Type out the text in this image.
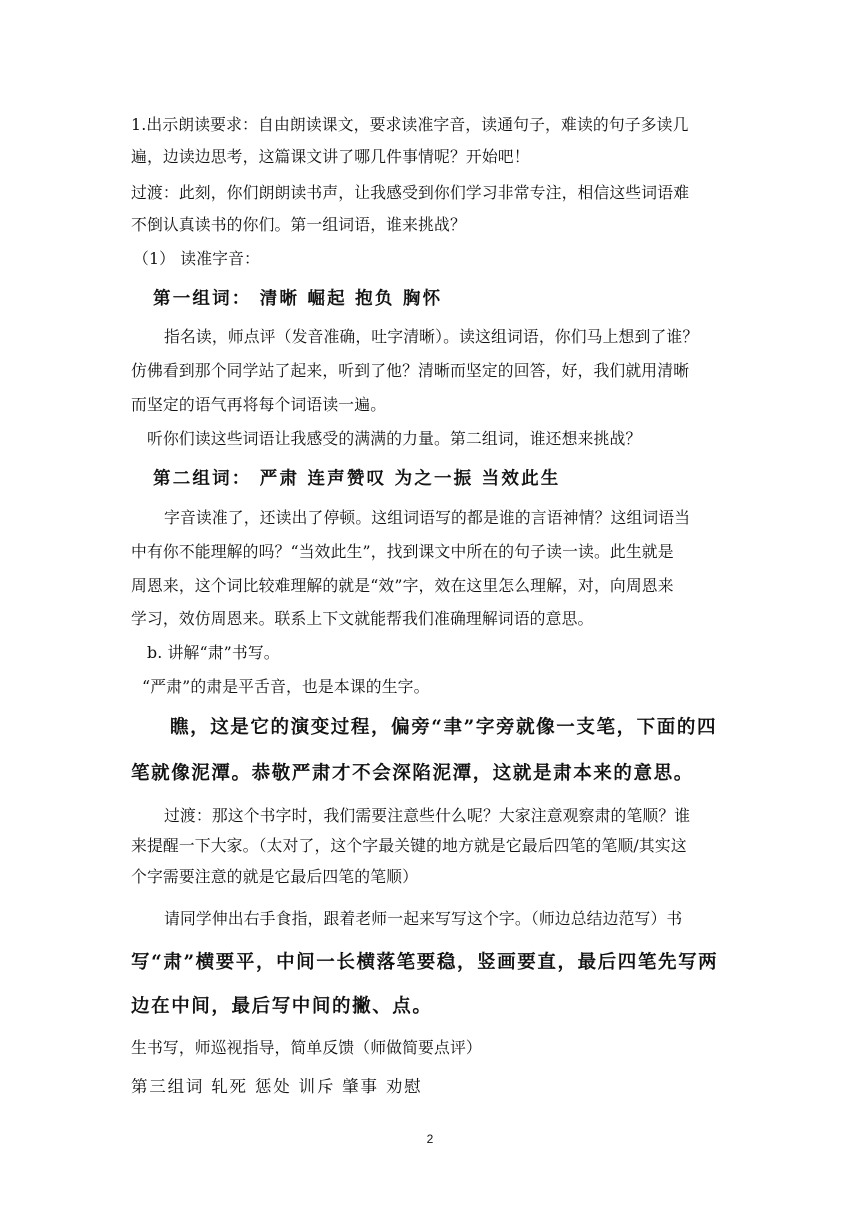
1.出示朗读要求：自由朗读课文，要求读准字音，读通句子，难读的句子多读几

遍，边读边思考，这篇课文讲了哪几件事情呢？开始吧！

过渡：此刻，你们朗朗读书声，让我感受到你们学习非常专注，相信这些词语难

不倒认真读书的你们。第一组词语，谁来挑战？

（1） 读准字音：

第一组词： 清晰 崛起 抱负 胸怀

指名读，师点评（发音准确，吐字清晰）。读这组词语，你们马上想到了谁？

仿佛看到那个同学站了起来，听到了他？清晰而坚定的回答，好，我们就用清晰

而坚定的语气再将每个词语读一遍。

听你们读这些词语让我感受的满满的力量。第二组词，谁还想来挑战？

第二组词： 严肃 连声赞叹 为之一振 当效此生

字音读准了，还读出了停顿。这组词语写的都是谁的言语神情？这组词语当

中有你不能理解的吗？“当效此生”，找到课文中所在的句子读一读。此生就是

周恩来，这个词比较难理解的就是“效”字，效在这里怎么理解，对，向周恩来

学习，效仿周恩来。联系上下文就能帮我们准确理解词语的意思。

b. 讲解“肃”书写。

“严肃”的肃是平舌音，也是本课的生字。

瞧，这是它的演变过程，偏旁“聿”字旁就像一支笔，下面的四

笔就像泥潭。恭敬严肃才不会深陷泥潭，这就是肃本来的意思。

过渡：那这个书字时，我们需要注意些什么呢？大家注意观察肃的笔顺？谁

来提醒一下大家。（太对了，这个字最关键的地方就是它最后四笔的笔顺/其实这

个字需要注意的就是它最后四笔的笔顺）

请同学伸出右手食指，跟着老师一起来写写这个字。（师边总结边范写）书

写“肃”横要平，中间一长横落笔要稳，竖画要直，最后四笔先写两

边在中间，最后写中间的撇、点。

生书写，师巡视指导，简单反馈（师做简要点评）

第三组词 轧死 惩处 训斥 肇事 劝慰

2
